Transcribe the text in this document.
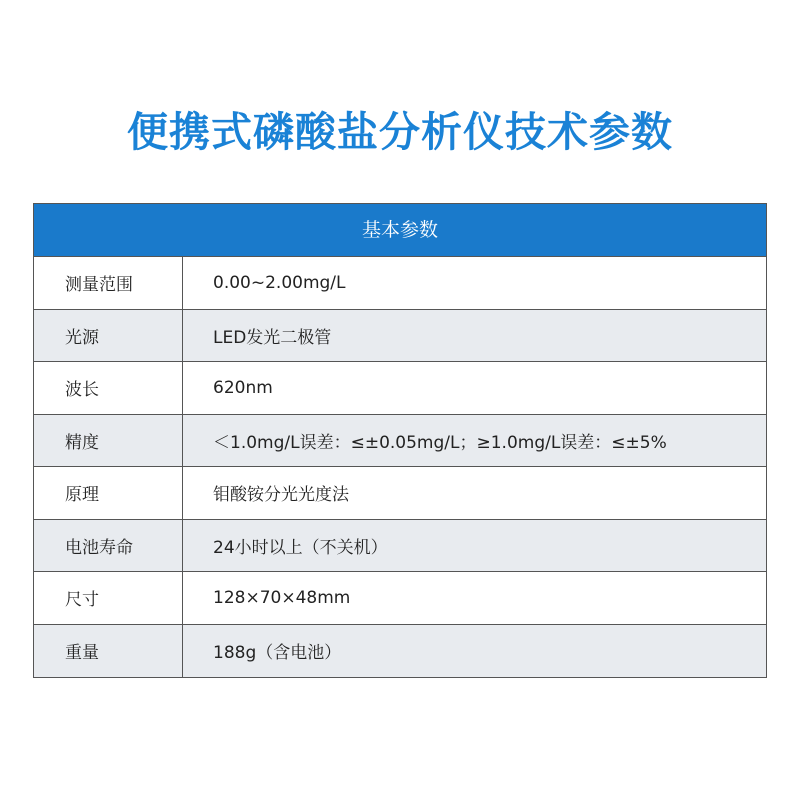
便携式磷酸盐分析仪技术参数
基本参数
测量范围	0.00~2.00mg/L
光源	LED发光二极管
波长	620nm
精度	＜1.0mg/L误差：≤±0.05mg/L；≥1.0mg/L误差：≤±5%
原理	钼酸铵分光光度法
电池寿命	24小时以上（不关机）
尺寸	128×70×48mm
重量	188g（含电池）
